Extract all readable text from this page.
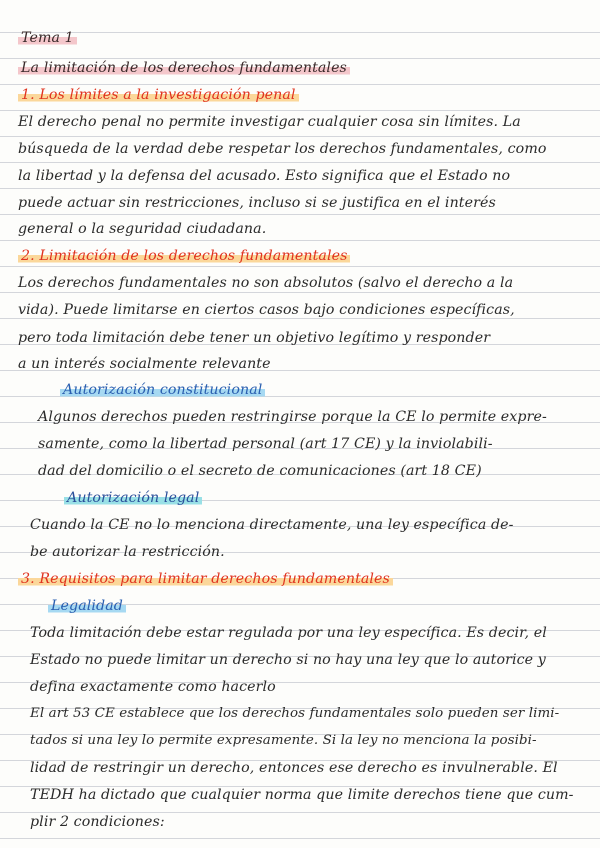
Tema 1

La limitación de los derechos fundamentales

1. Los límites a la investigación penal

El derecho penal no permite investigar cualquier cosa sin límites. La

búsqueda de la verdad debe respetar los derechos fundamentales, como

la libertad y la defensa del acusado. Esto significa que el Estado no

puede actuar sin restricciones, incluso si se justifica en el interés

general o la seguridad ciudadana.

2. Limitación de los derechos fundamentales

Los derechos fundamentales no son absolutos (salvo el derecho a la

vida). Puede limitarse en ciertos casos bajo condiciones específicas,

pero toda limitación debe tener un objetivo legítimo y responder

a un interés socialmente relevante

Autorización constitucional

Algunos derechos pueden restringirse porque la CE lo permite expre-

samente, como la libertad personal (art 17 CE) y la inviolabili-

dad del domicilio o el secreto de comunicaciones (art 18 CE)

Autorización legal

Cuando la CE no lo menciona directamente, una ley específica de-

be autorizar la restricción.

3. Requisitos para limitar derechos fundamentales

Legalidad

Toda limitación debe estar regulada por una ley específica. Es decir, el

Estado no puede limitar un derecho si no hay una ley que lo autorice y

defina exactamente como hacerlo

El art 53 CE establece que los derechos fundamentales solo pueden ser limi-

tados si una ley lo permite expresamente. Si la ley no menciona la posibi-

lidad de restringir un derecho, entonces ese derecho es invulnerable. El

TEDH ha dictado que cualquier norma que limite derechos tiene que cum-

plir 2 condiciones:
